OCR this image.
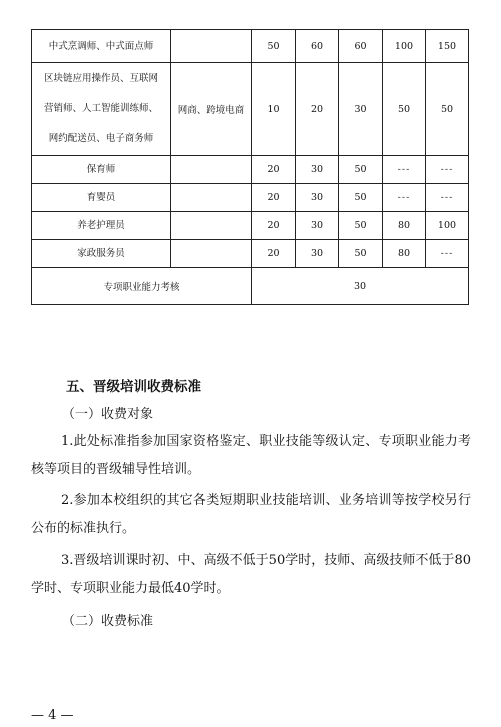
中式烹调师、中式面点师		50	60	60	100	150

区块链应用操作员、互联网
营销师、人工智能训练师、
网约配送员、电子商务师	网商、跨境电商	10	20	30	50	50

保育师		20	30	50	---	---

育婴员		20	30	50	---	---

养老护理员		20	30	50	80	100

家政服务员		20	30	50	80	---
专项职业能力考核		30				
五、晋级培训收费标准
（一）收费对象
1.此处标准指参加国家资格鉴定、职业技能等级认定、专项职业能力考核等项目的晋级辅导性培训。
2.参加本校组织的其它各类短期职业技能培训、业务培训等按学校另行公布的标准执行。
3.晋级培训课时初、中、高级不低于50学时，技师、高级技师不低于80学时、专项职业能力最低40学时。
（二）收费标准
— 4 —
